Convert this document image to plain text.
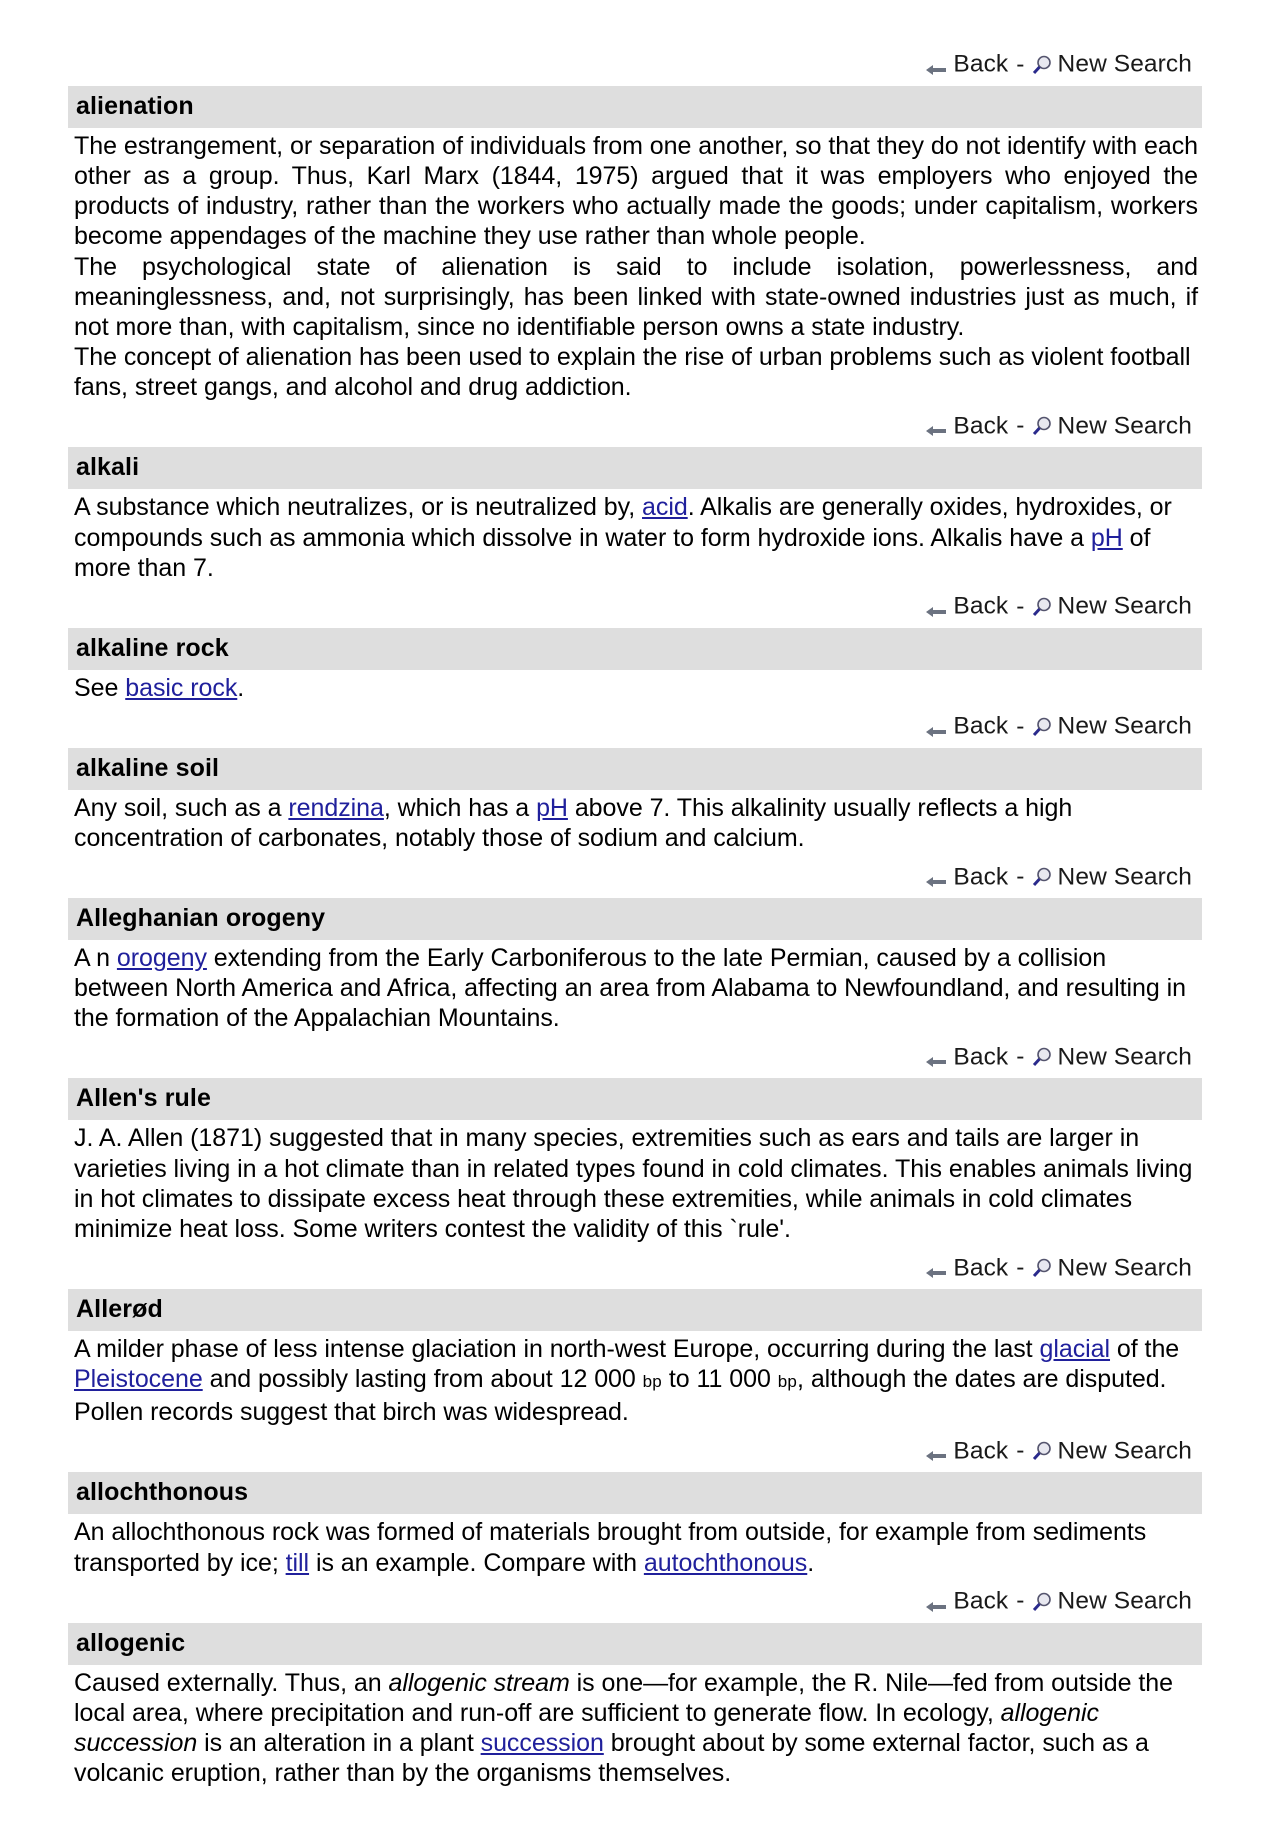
Back - New Search
alienation

The estrangement, or separation of individuals from one another, so that they do not identify with each other as a group. Thus, Karl Marx (1844, 1975) argued that it was employers who enjoyed the products of industry, rather than the workers who actually made the goods; under capitalism, workers become appendages of the machine they use rather than whole people.

The psychological state of alienation is said to include isolation, powerlessness, and meaninglessness, and, not surprisingly, has been linked with state-owned industries just as much, if not more than, with capitalism, since no identifiable person owns a state industry.

The concept of alienation has been used to explain the rise of urban problems such as violent football fans, street gangs, and alcohol and drug addiction.

Back - New Search
alkali

A substance which neutralizes, or is neutralized by, acid. Alkalis are generally oxides, hydroxides, or compounds such as ammonia which dissolve in water to form hydroxide ions. Alkalis have a pH of more than 7.

Back - New Search
alkaline rock

See basic rock.

Back - New Search
alkaline soil

Any soil, such as a rendzina, which has a pH above 7. This alkalinity usually reflects a high concentration of carbonates, notably those of sodium and calcium.

Back - New Search
Alleghanian orogeny

A n orogeny extending from the Early Carboniferous to the late Permian, caused by a collision between North America and Africa, affecting an area from Alabama to Newfoundland, and resulting in the formation of the Appalachian Mountains.

Back - New Search
Allen's rule

J. A. Allen (1871) suggested that in many species, extremities such as ears and tails are larger in varieties living in a hot climate than in related types found in cold climates. This enables animals living in hot climates to dissipate excess heat through these extremities, while animals in cold climates minimize heat loss. Some writers contest the validity of this `rule'.

Back - New Search
Allerød

A milder phase of less intense glaciation in north-west Europe, occurring during the last glacial of the Pleistocene and possibly lasting from about 12 000 bp to 11 000 bp, although the dates are disputed. Pollen records suggest that birch was widespread.

Back - New Search
allochthonous

An allochthonous rock was formed of materials brought from outside, for example from sediments transported by ice; till is an example. Compare with autochthonous.

Back - New Search
allogenic

Caused externally. Thus, an allogenic stream is one—for example, the R. Nile—fed from outside the local area, where precipitation and run-off are sufficient to generate flow. In ecology, allogenic succession is an alteration in a plant succession brought about by some external factor, such as a volcanic eruption, rather than by the organisms themselves.
